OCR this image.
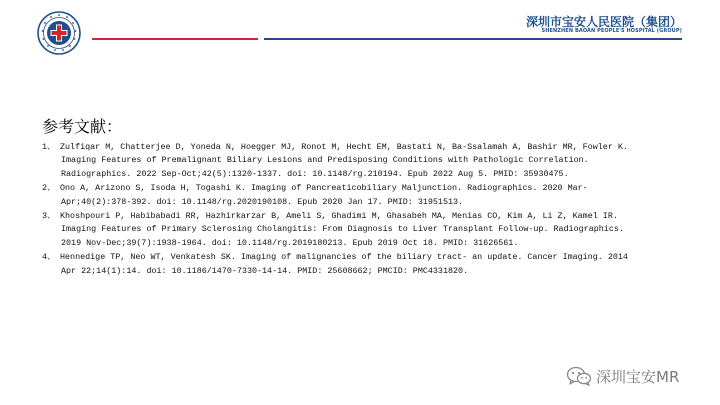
深圳市宝安人民医院（集团）
SHENZHEN BAOAN PEOPLE'S HOSPITAL (GROUP)
参考文献：
1、 Zulfiqar M, Chatterjee D, Yoneda N, Hoegger MJ, Ronot M, Hecht EM, Bastati N, Ba-Ssalamah A, Bashir MR, Fowler K.
Imaging Features of Premalignant Biliary Lesions and Predisposing Conditions with Pathologic Correlation.
Radiographics. 2022 Sep-Oct;42(5):1320-1337. doi: 10.1148/rg.210194. Epub 2022 Aug 5. PMID: 35930475.
2、 Ono A, Arizono S, Isoda H, Togashi K. Imaging of Pancreaticobiliary Maljunction. Radiographics. 2020 Mar-
Apr;40(2):378-392. doi: 10.1148/rg.2020190108. Epub 2020 Jan 17. PMID: 31951513.
3、 Khoshpouri P, Habibabadi RR, Hazhirkarzar B, Ameli S, Ghadimi M, Ghasabeh MA, Menias CO, Kim A, Li Z, Kamel IR.
Imaging Features of Primary Sclerosing Cholangitis: From Diagnosis to Liver Transplant Follow-up. Radiographics.
2019 Nov-Dec;39(7):1938-1964. doi: 10.1148/rg.2019180213. Epub 2019 Oct 18. PMID: 31626561.
4、 Hennedige TP, Neo WT, Venkatesh SK. Imaging of malignancies of the biliary tract- an update. Cancer Imaging. 2014
Apr 22;14(1):14. doi: 10.1186/1470-7330-14-14. PMID: 25608662; PMCID: PMC4331820.
深圳宝安MR
